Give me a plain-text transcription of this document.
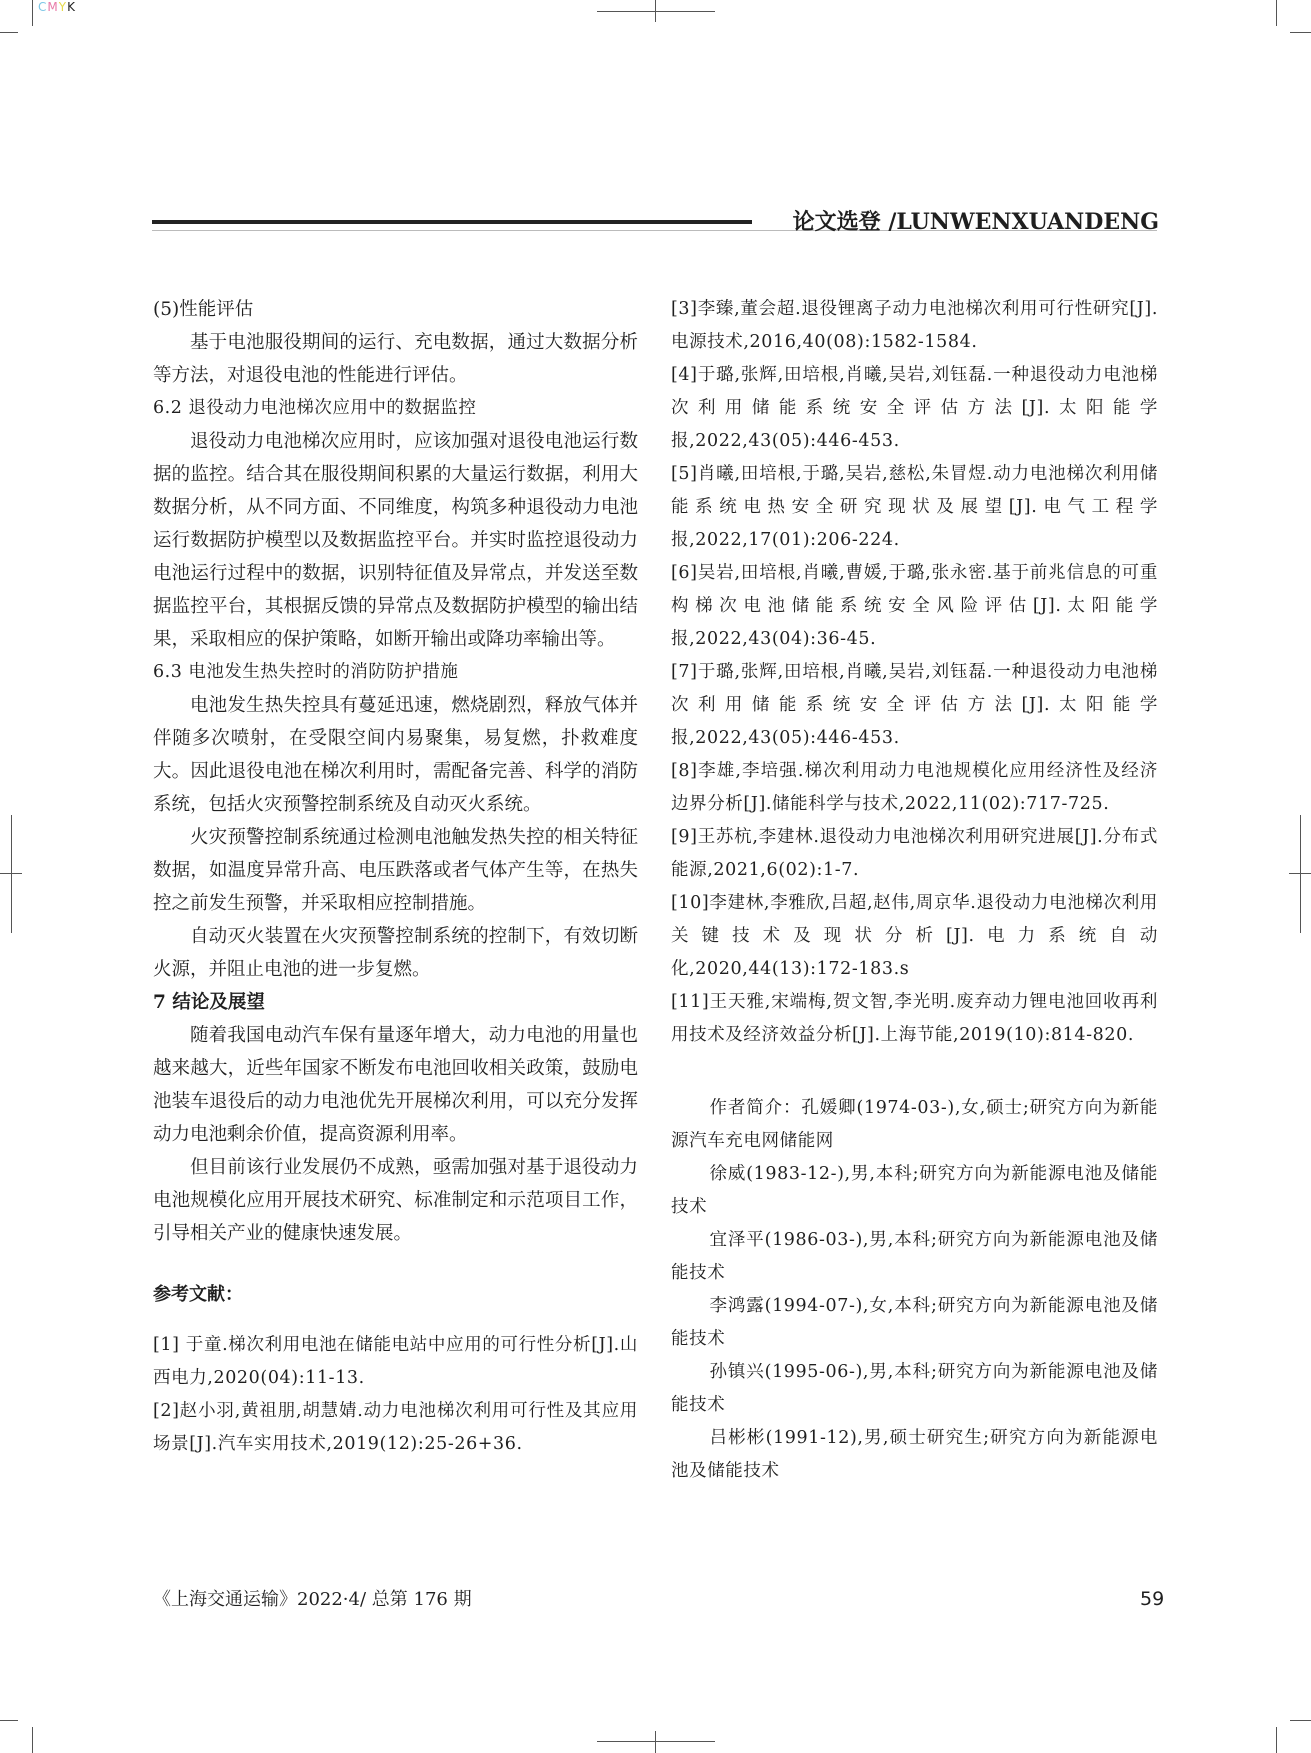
CMYK
论文选登 /LUNWENXUANDENG

(5)性能评估

基于电池服役期间的运行、充电数据，通过大数据分析等方法，对退役电池的性能进行评估。

6.2 退役动力电池梯次应用中的数据监控

退役动力电池梯次应用时，应该加强对退役电池运行数据的监控。结合其在服役期间积累的大量运行数据，利用大数据分析，从不同方面、不同维度，构筑多种退役动力电池运行数据防护模型以及数据监控平台。并实时监控退役动力电池运行过程中的数据，识别特征值及异常点，并发送至数据监控平台，其根据反馈的异常点及数据防护模型的输出结果，采取相应的保护策略，如断开输出或降功率输出等。

6.3 电池发生热失控时的消防防护措施

电池发生热失控具有蔓延迅速，燃烧剧烈，释放气体并伴随多次喷射，在受限空间内易聚集，易复燃，扑救难度大。因此退役电池在梯次利用时，需配备完善、科学的消防系统，包括火灾预警控制系统及自动灭火系统。

火灾预警控制系统通过检测电池触发热失控的相关特征数据，如温度异常升高、电压跌落或者气体产生等，在热失控之前发生预警，并采取相应控制措施。

自动灭火装置在火灾预警控制系统的控制下，有效切断火源，并阻止电池的进一步复燃。

7 结论及展望

随着我国电动汽车保有量逐年增大，动力电池的用量也越来越大，近些年国家不断发布电池回收相关政策，鼓励电池装车退役后的动力电池优先开展梯次利用，可以充分发挥动力电池剩余价值，提高资源利用率。

但目前该行业发展仍不成熟，亟需加强对基于退役动力电池规模化应用开展技术研究、标准制定和示范项目工作，引导相关产业的健康快速发展。

参考文献：

[1] 于童.梯次利用电池在储能电站中应用的可行性分析[J].山西电力,2020(04):11-13.

[2]赵小羽,黄祖朋,胡慧婧.动力电池梯次利用可行性及其应用场景[J].汽车实用技术,2019(12):25-26+36.

[3]李臻,董会超.退役锂离子动力电池梯次利用可行性研究[J].电源技术,2016,40(08):1582-1584.

[4]于璐,张辉,田培根,肖曦,吴岩,刘钰磊.一种退役动力电池梯次利用储能系统安全评估方法[J].太阳能学报,2022,43(05):446-453.

[5]肖曦,田培根,于璐,吴岩,慈松,朱冒煜.动力电池梯次利用储能系统电热安全研究现状及展望[J].电气工程学报,2022,17(01):206-224.

[6]吴岩,田培根,肖曦,曹媛,于璐,张永密.基于前兆信息的可重构梯次电池储能系统安全风险评估[J].太阳能学报,2022,43(04):36-45.

[7]于璐,张辉,田培根,肖曦,吴岩,刘钰磊.一种退役动力电池梯次利用储能系统安全评估方法[J].太阳能学报,2022,43(05):446-453.

[8]李雄,李培强.梯次利用动力电池规模化应用经济性及经济边界分析[J].储能科学与技术,2022,11(02):717-725.

[9]王苏杭,李建林.退役动力电池梯次利用研究进展[J].分布式能源,2021,6(02):1-7.

[10]李建林,李雅欣,吕超,赵伟,周京华.退役动力电池梯次利用关键技术及现状分析[J].电力系统自动化,2020,44(13):172-183.s

[11]王天雅,宋端梅,贺文智,李光明.废弃动力锂电池回收再利用技术及经济效益分析[J].上海节能,2019(10):814-820.

作者简介：孔媛卿(1974-03-),女,硕士;研究方向为新能源汽车充电网储能网

徐威(1983-12-),男,本科;研究方向为新能源电池及储能技术

宜泽平(1986-03-),男,本科;研究方向为新能源电池及储能技术

李鸿露(1994-07-),女,本科;研究方向为新能源电池及储能技术

孙镇兴(1995-06-),男,本科;研究方向为新能源电池及储能技术

吕彬彬(1991-12),男,硕士研究生;研究方向为新能源电池及储能技术

《上海交通运输》2022·4/ 总第 176 期	59
